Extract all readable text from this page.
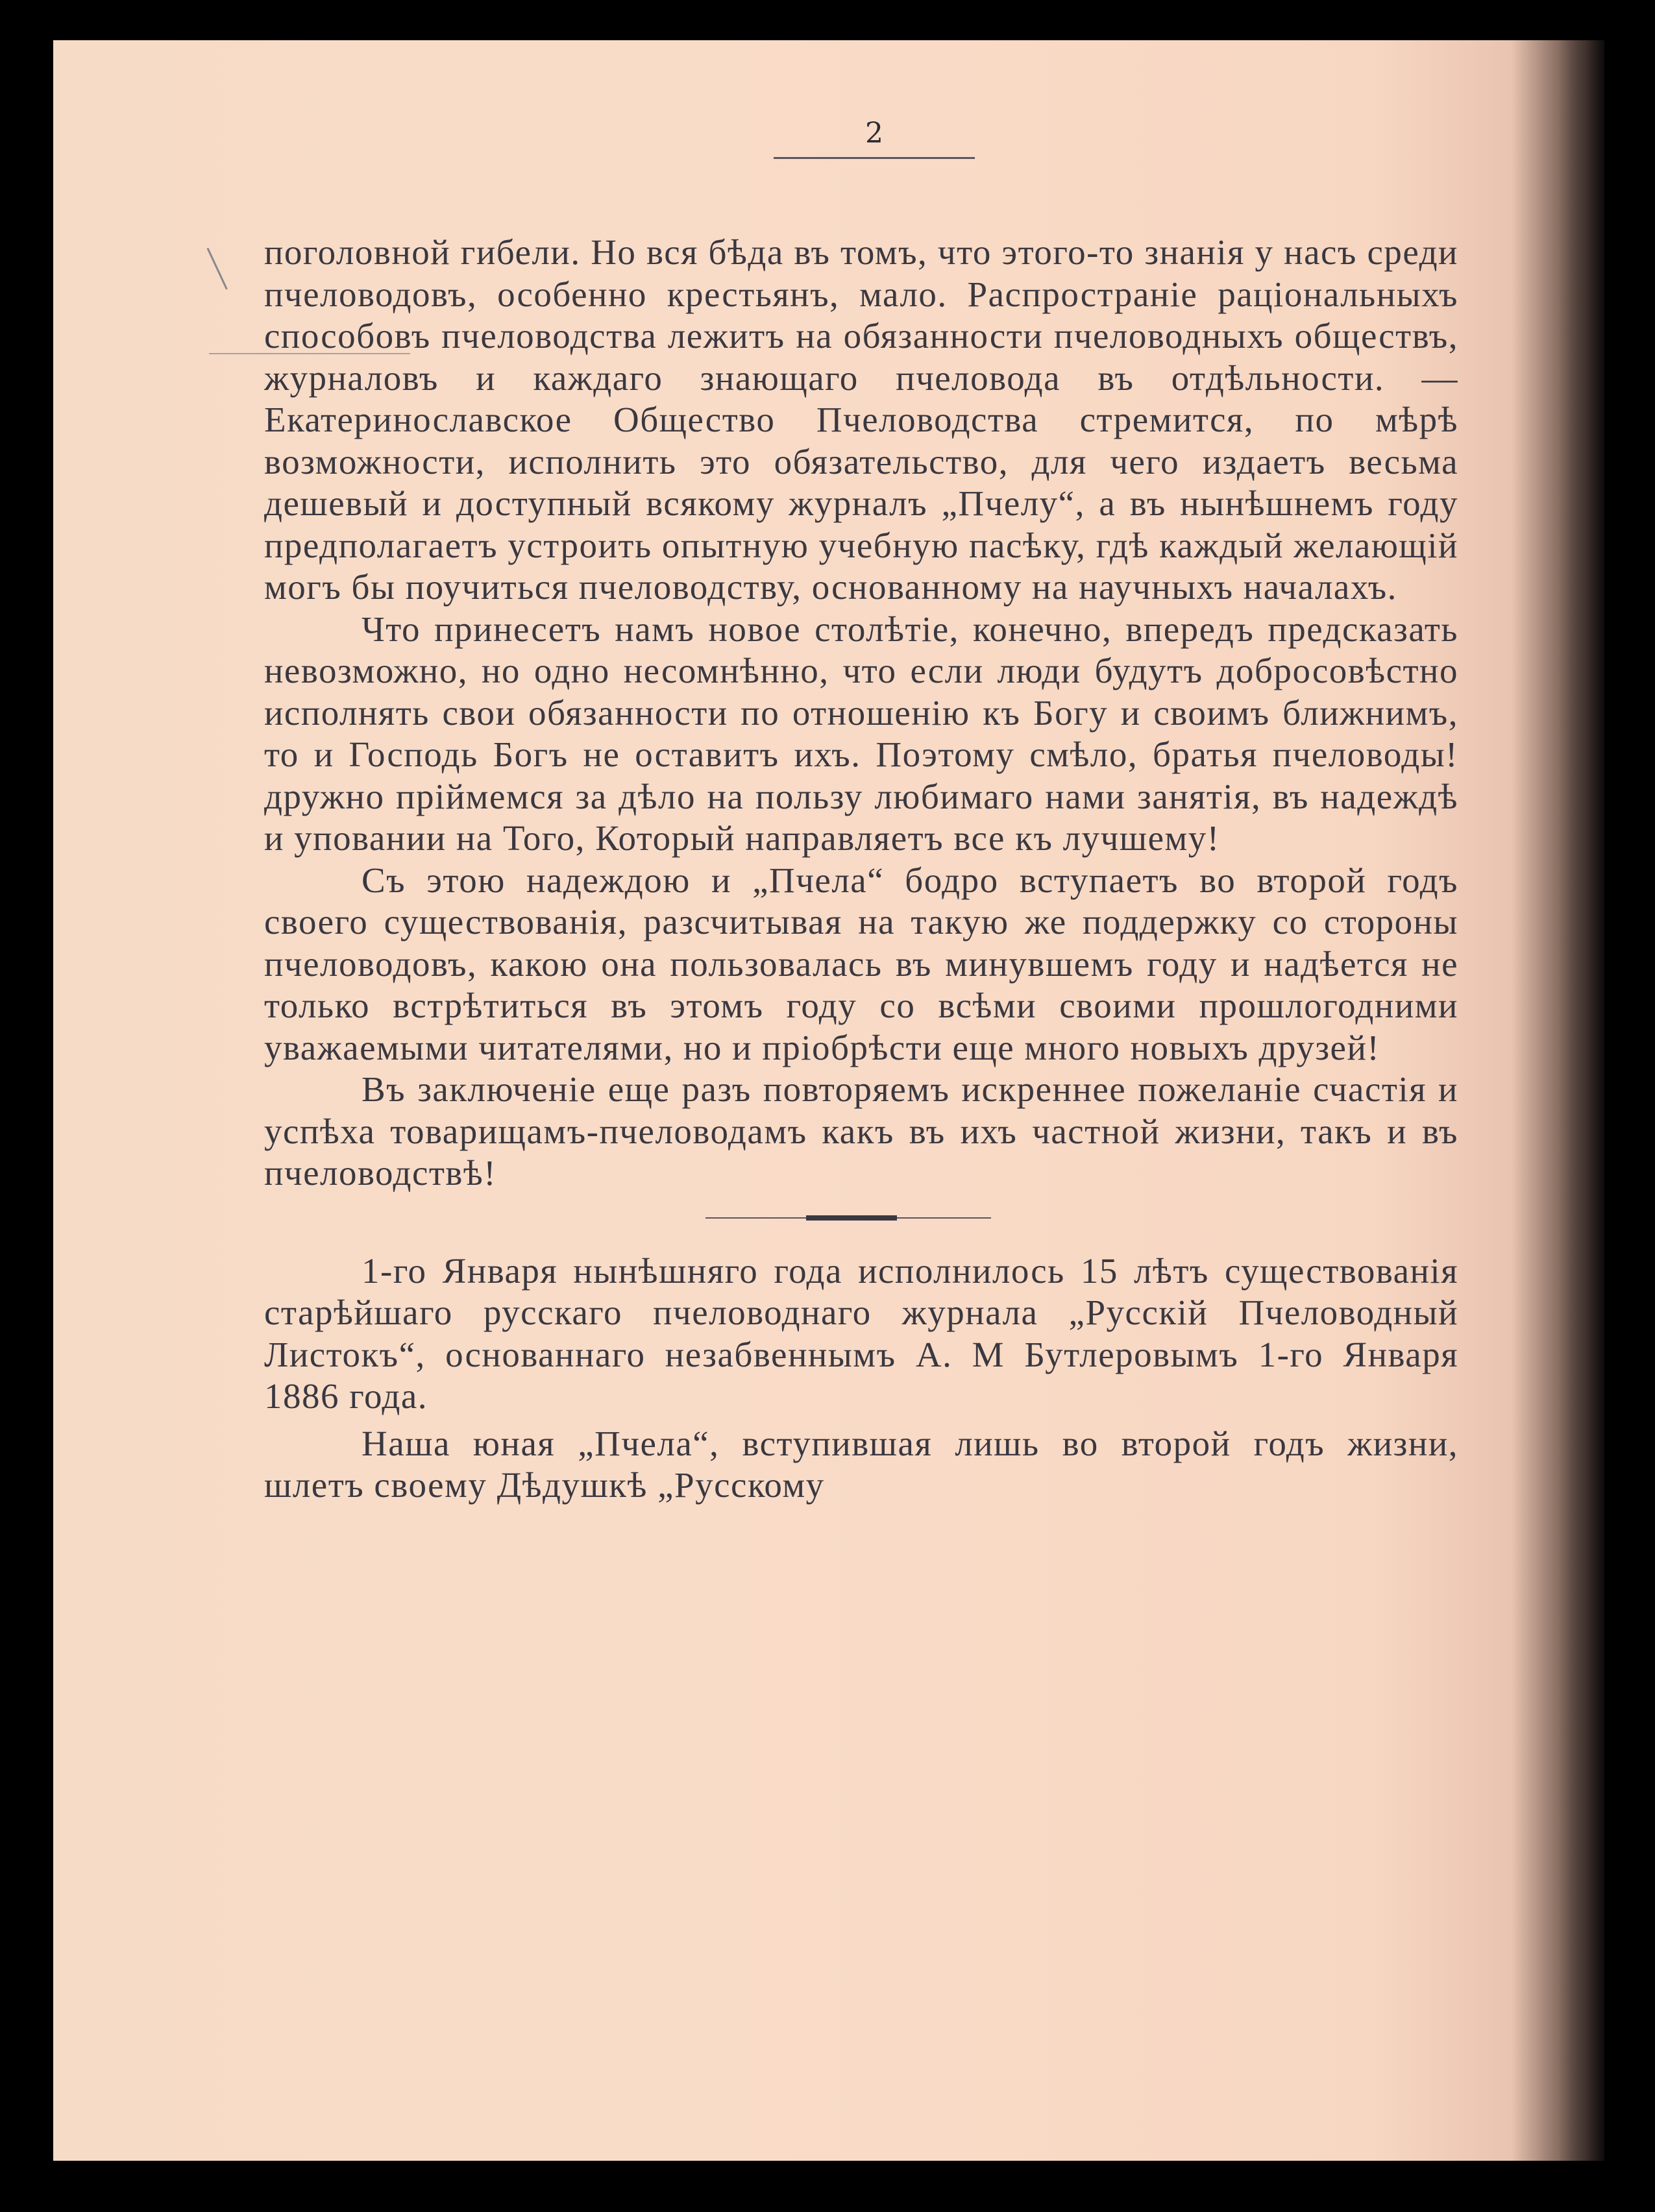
2

поголовной гибели. Но вся бѣда въ томъ, что этого-то знанія у насъ среди пчеловодовъ, особенно крестьянъ, мало. Распространіе раціональныхъ способовъ пчеловодства лежитъ на обязанности пчеловодныхъ обществъ, журналовъ и каждаго знающаго пчеловода въ отдѣльности. — Екатеринославское Общество Пчеловодства стремится, по мѣрѣ возможности, исполнить это обязательство, для чего издаетъ весьма дешевый и доступный всякому журналъ „Пчелу“, а въ нынѣшнемъ году предполагаетъ устроить опытную учебную пасѣку, гдѣ каждый желающій могъ бы поучиться пчеловодству, основанному на научныхъ началахъ.

Что принесетъ намъ новое столѣтіе, конечно, впередъ предсказать невозможно, но одно несомнѣнно, что если люди будутъ добросовѣстно исполнять свои обязанности по отношенію къ Богу и своимъ ближнимъ, то и Господь Богъ не оставитъ ихъ. Поэтому смѣло, братья пчеловоды! дружно пріймемся за дѣло на пользу любимаго нами занятія, въ надеждѣ и уповании на Того, Который направляетъ все къ лучшему!

Съ этою надеждою и „Пчела“ бодро вступаетъ во второй годъ своего существованія, разсчитывая на такую же поддержку со стороны пчеловодовъ, какою она пользовалась въ минувшемъ году и надѣется не только встрѣтиться въ этомъ году со всѣми своими прошлогодними уважаемыми читателями, но и пріобрѣсти еще много новыхъ друзей!

Въ заключеніе еще разъ повторяемъ искреннее пожеланіе счастія и успѣха товарищамъ-пчеловодамъ какъ въ ихъ частной жизни, такъ и въ пчеловодствѣ!

1-го Января нынѣшняго года исполнилось 15 лѣтъ существованія старѣйшаго русскаго пчеловоднаго журнала „Русскій Пчеловодный Листокъ“, основаннаго незабвеннымъ А. М Бутлеровымъ 1-го Января 1886 года.

Наша юная „Пчела“, вступившая лишь во второй годъ жизни, шлетъ своему Дѣдушкѣ „Русскому
